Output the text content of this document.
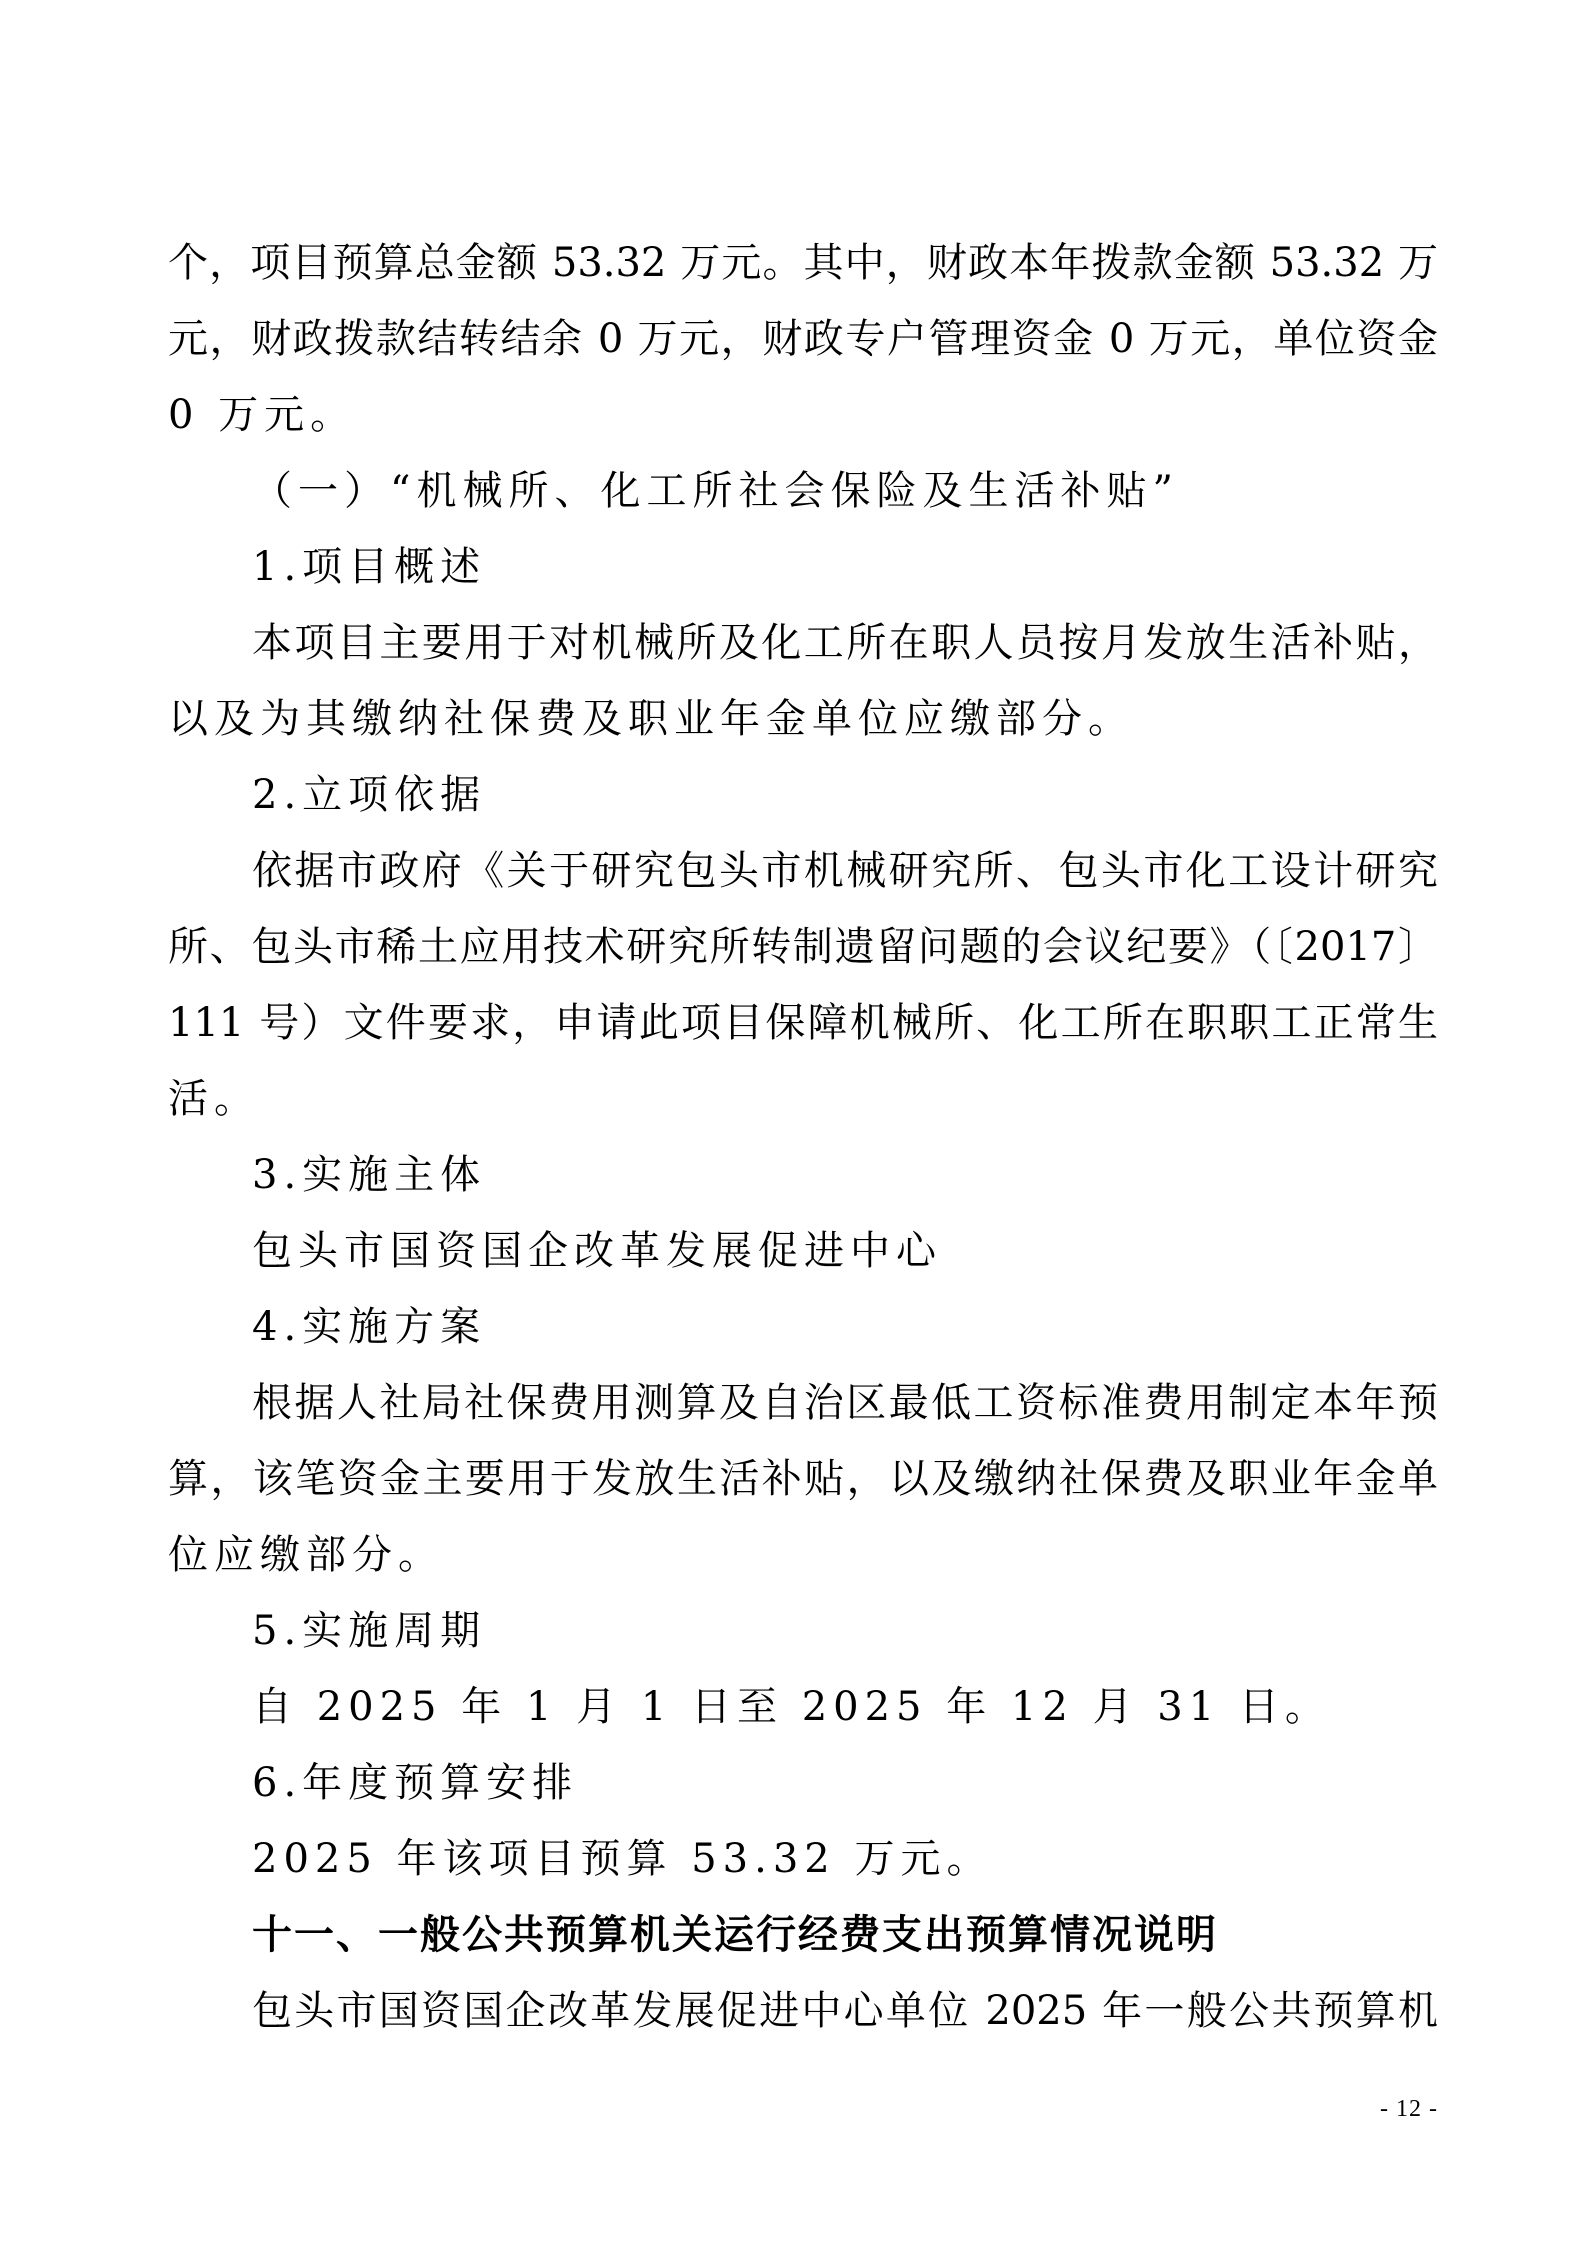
个，项目预算总金额 53.32 万元。其中，财政本年拨款金额 53.32 万
元，财政拨款结转结余 0 万元，财政专户管理资金 0 万元，单位资金
0 万元。
（一）“机械所、化工所社会保险及生活补贴”
1.项目概述
本项目主要用于对机械所及化工所在职人员按月发放生活补贴，
以及为其缴纳社保费及职业年金单位应缴部分。
2.立项依据
依据市政府《关于研究包头市机械研究所、包头市化工设计研究
所、包头市稀土应用技术研究所转制遗留问题的会议纪要》（〔2017〕
111 号）文件要求，申请此项目保障机械所、化工所在职职工正常生
活。
3.实施主体
包头市国资国企改革发展促进中心
4.实施方案
根据人社局社保费用测算及自治区最低工资标准费用制定本年预
算，该笔资金主要用于发放生活补贴，以及缴纳社保费及职业年金单
位应缴部分。
5.实施周期
自 2025 年 1 月 1 日至 2025 年 12 月 31 日。
6.年度预算安排
2025 年该项目预算 53.32 万元。
十一、一般公共预算机关运行经费支出预算情况说明
包头市国资国企改革发展促进中心单位 2025 年一般公共预算机
- 12 -
